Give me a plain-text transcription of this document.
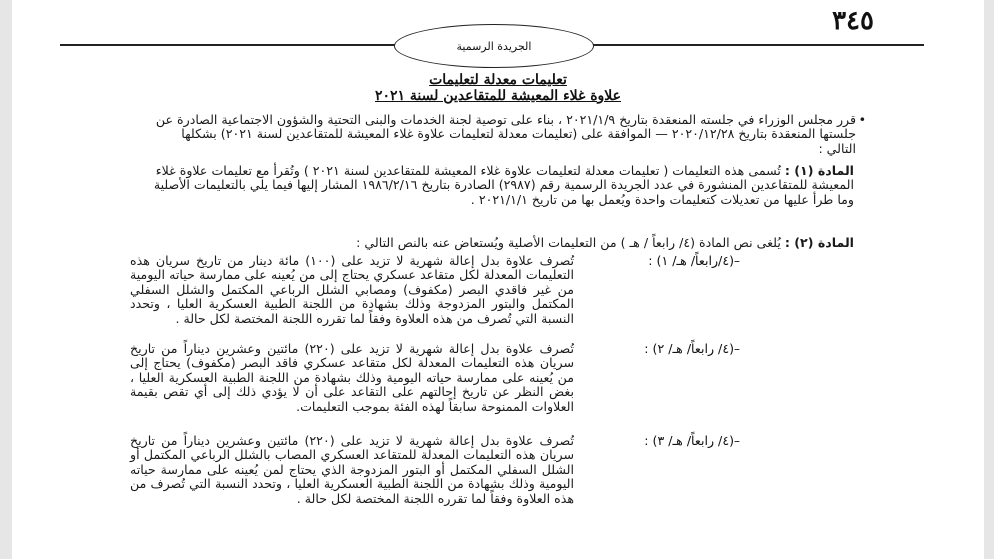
٣٤٥
الجريدة الرسمية
تعليمات معدلة لتعليمات
علاوة غلاء المعيشة للمتقاعدين لسنة ٢٠٢١
•
قرر مجلس الوزراء في جلسته المنعقدة بتاريخ ٢٠٢١/١/٩ ، بناء على توصية لجنة الخدمات والبنى التحتية والشؤون الاجتماعية الصادرة عن جلستها المنعقدة بتاريخ ٢٠٢٠/١٢/٢٨ — الموافقة على (تعليمات معدلة لتعليمات علاوة غلاء المعيشة للمتقاعدين لسنة ٢٠٢١) بشكلها التالي :
المادة (١) : تُسمى هذه التعليمات ( تعليمات معدلة لتعليمات علاوة غلاء المعيشة للمتقاعدين لسنة ٢٠٢١ ) وتُقرأ مع تعليمات علاوة غلاء المعيشة للمتقاعدين المنشورة في عدد الجريدة الرسمية رقم (٢٩٨٧) الصادرة بتاريخ ١٩٨٦/٢/١٦ المشار إليها فيما يلي بالتعليمات الأصلية وما طرأ عليها من تعديلات كتعليمات واحدة ويُعمل بها من تاريخ ٢٠٢١/١/١ .
المادة (٢) : يُلغى نص المادة (٤/ رابعاً / هـ ) من التعليمات الأصلية ويُستعاض عنه بالنص التالي :
–
(٤/رابعاً/ هـ/ ١) :
تُصرف علاوة بدل إعالة شهرية لا تزيد على (١٠٠) مائة دينار من تاريخ سريان هذه التعليمات المعدلة لكل متقاعد عسكري يحتاج إلى من يُعينه على ممارسة حياته اليومية من غير فاقدي البصر (مكفوف) ومصابي الشلل الرباعي المكتمل والشلل السفلي المكتمل والبتور المزدوجة وذلك بشهادة من اللجنة الطبية العسكرية العليا ، وتحدد النسبة التي تُصرف من هذه العلاوة وفقاً لما تقرره اللجنة المختصة لكل حالة .
–
(٤/ رابعاً/ هـ/ ٢) :
تُصرف علاوة بدل إعالة شهرية لا تزيد على (٢٢٠) مائتين وعشرين ديناراً من تاريخ سريان هذه التعليمات المعدلة لكل متقاعد عسكري فاقد البصر (مكفوف) يحتاج إلى من يُعينه على ممارسة حياته اليومية وذلك بشهادة من اللجنة الطبية العسكرية العليا ، بغض النظر عن تاريخ إحالتهم على التقاعد على أن لا يؤدي ذلك إلى أي تقص بقيمة العلاوات الممنوحة سابقاً لهذه الفئة بموجب التعليمات.
–
(٤/ رابعاً/ هـ/ ٣) :
تُصرف علاوة بدل إعالة شهرية لا تزيد على (٢٢٠) مائتين وعشرين ديناراً من تاريخ سريان هذه التعليمات المعدلة للمتقاعد العسكري المصاب بالشلل الرباعي المكتمل أو الشلل السفلي المكتمل أو البتور المزدوجة الذي يحتاج لمن يُعينه على ممارسة حياته اليومية وذلك بشهادة من اللجنة الطبية العسكرية العليا ، وتحدد النسبة التي تُصرف من هذه العلاوة وفقاً لما تقرره اللجنة المختصة لكل حالة .
